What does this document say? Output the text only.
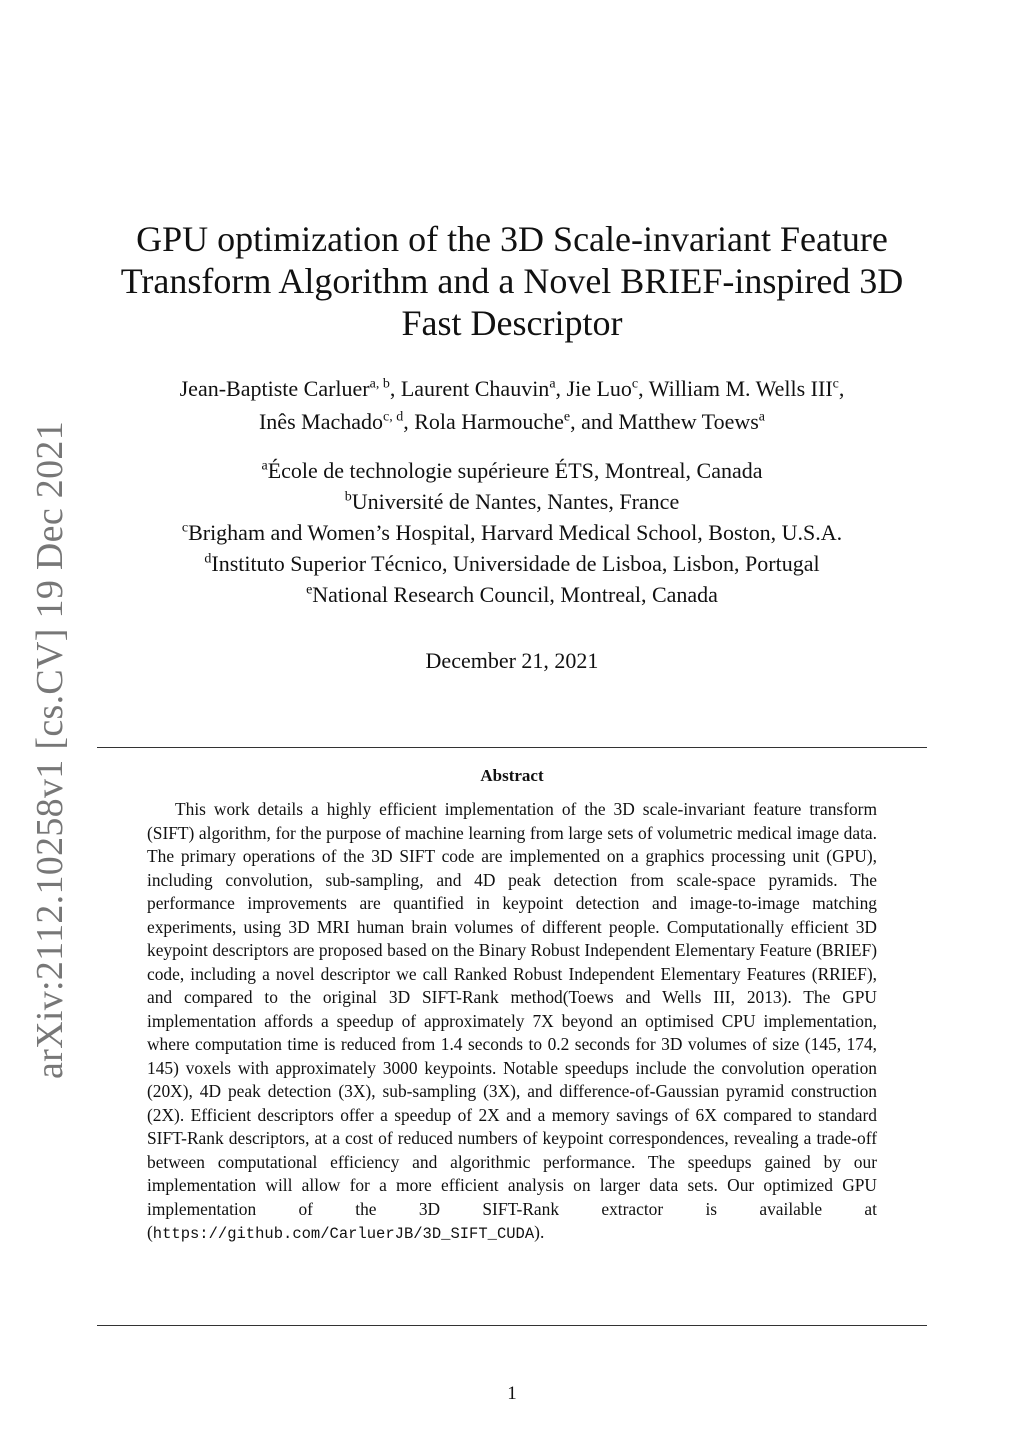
arXiv:2112.10258v1 [cs.CV] 19 Dec 2021
GPU optimization of the 3D Scale-invariant Feature Transform Algorithm and a Novel BRIEF-inspired 3D Fast Descriptor
Jean-Baptiste Carluer$^{a, b}$, Laurent Chauvin$^a$, Jie Luo$^c$, William M. Wells III$^c$,
Inês Machado$^{c, d}$, Rola Harmouche$^e$, and Matthew Toews$^a$
$^a$École de technologie supérieure ÉTS, Montreal, Canada
$^b$Université de Nantes, Nantes, France
$^c$Brigham and Women’s Hospital, Harvard Medical School, Boston, U.S.A.
$^d$Instituto Superior Técnico, Universidade de Lisboa, Lisbon, Portugal
$^e$National Research Council, Montreal, Canada
December 21, 2021
Abstract

This work details a highly efficient implementation of the 3D scale-invariant feature transform (SIFT) algorithm, for the purpose of machine learning from large sets of volumetric medical image data. The primary operations of the 3D SIFT code are implemented on a graphics processing unit (GPU), including convolution, sub-sampling, and 4D peak detection from scale-space pyramids. The performance improvements are quantified in keypoint detection and image-to-image matching experiments, using 3D MRI human brain volumes of different people. Computationally efficient 3D keypoint descriptors are proposed based on the Binary Robust Independent Elementary Feature (BRIEF) code, including a novel descriptor we call Ranked Robust Independent Elementary Features (RRIEF), and compared to the original 3D SIFT-Rank method(Toews and Wells III, 2013). The GPU implementation affords a speedup of approximately 7X beyond an optimised CPU implementation, where computation time is reduced from 1.4 seconds to 0.2 seconds for 3D volumes of size (145, 174, 145) voxels with approximately 3000 keypoints. Notable speedups include the convolution operation (20X), 4D peak detection (3X), sub-sampling (3X), and difference-of-Gaussian pyramid construction (2X). Efficient descriptors offer a speedup of 2X and a memory savings of 6X compared to standard SIFT-Rank descriptors, at a cost of reduced numbers of keypoint correspondences, revealing a trade-off between computational efficiency and algorithmic performance. The speedups gained by our implementation will allow for a more efficient analysis on larger data sets. Our optimized GPU implementation of the 3D SIFT-Rank extractor is available at (https://github.com/CarluerJB/3D_SIFT_CUDA).

1
